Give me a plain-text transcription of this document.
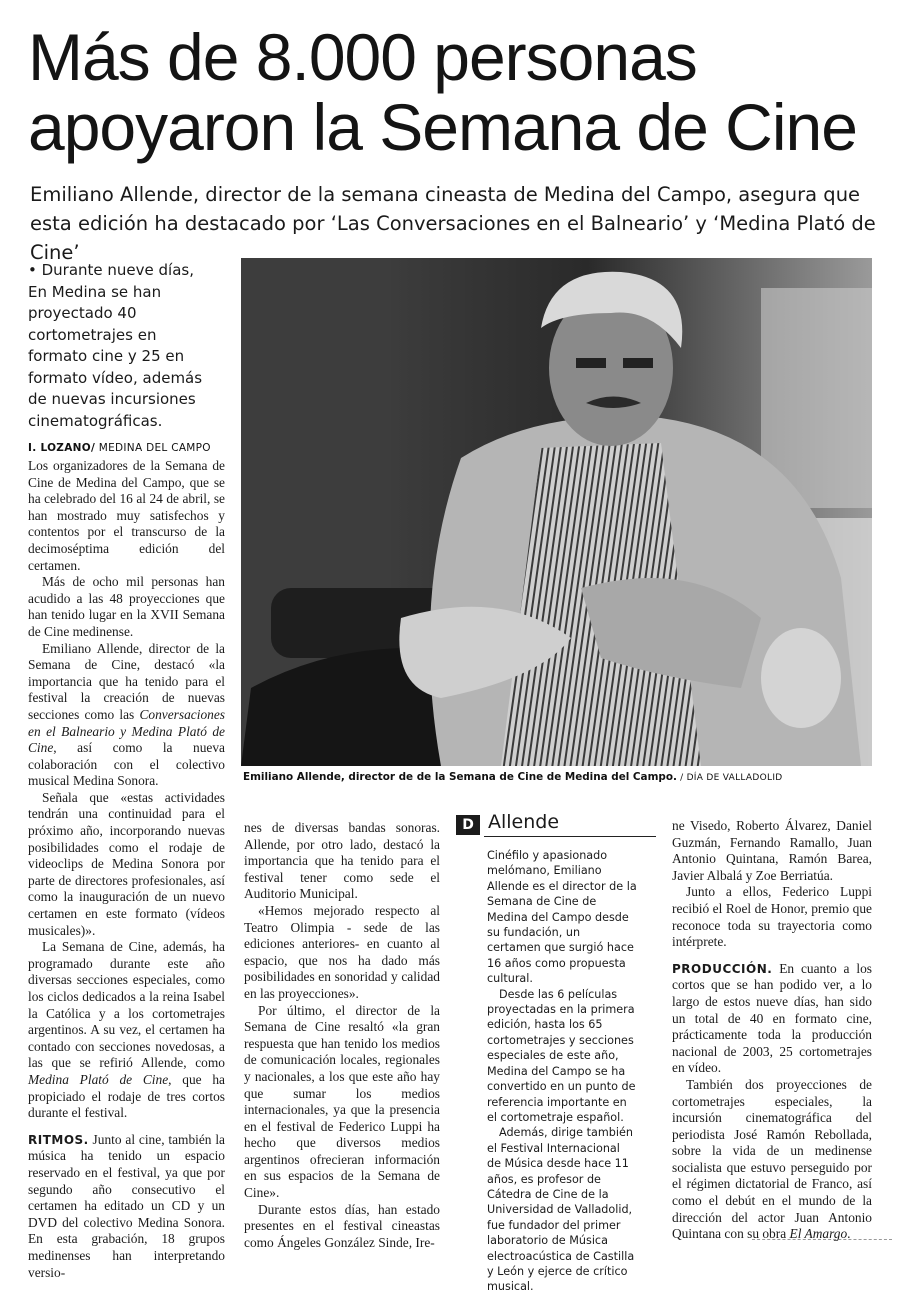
Más de 8.000 personas
apoyaron la Semana de Cine

Emiliano Allende, director de la semana cineasta de Medina del Campo, asegura que esta edición ha destacado por ‘Las Conversaciones en el Balneario’ y ‘Medina Plató de Cine’

• Durante nueve días, En Medina se han proyectado 40 cortometrajes en formato cine y 25 en formato vídeo, además de nuevas incursiones cinematográficas.
I. LOZANO/ MEDINA DEL CAMPO

Los organizadores de la Semana de Cine de Medina del Campo, que se ha celebrado del 16 al 24 de abril, se han mostrado muy satisfechos y contentos por el transcurso de la decimoséptima edición del certamen.

Más de ocho mil personas han acudido a las 48 proyecciones que han tenido lugar en la XVII Semana de Cine medinense.

Emiliano Allende, director de la Semana de Cine, destacó «la importancia que ha tenido para el festival la creación de nuevas secciones como las Conversaciones en el Balneario y Medina Plató de Cine, así como la nueva colaboración con el colectivo musical Medina Sonora.

Señala que «estas actividades tendrán una continuidad para el próximo año, incorporando nuevas posibilidades como el rodaje de videoclips de Medina Sonora por parte de directores profesionales, así como la inauguración de un nuevo certamen en este formato (vídeos musicales)».

La Semana de Cine, además, ha programado durante este año diversas secciones especiales, como los ciclos dedicados a la reina Isabel la Católica y a los cortometrajes argentinos. A su vez, el certamen ha contado con secciones novedosas, a las que se refirió Allende, como Medina Plató de Cine, que ha propiciado el rodaje de tres cortos durante el festival.

RITMOS. Junto al cine, también la música ha tenido un espacio reservado en el festival, ya que por segundo año consecutivo el certamen ha editado un CD y un DVD del colectivo Medina Sonora. En esta grabación, 18 grupos medinenses han interpretando versio-

Emiliano Allende, director de de la Semana de Cine de Medina del Campo. / DÍA DE VALLADOLID

nes de diversas bandas sonoras. Allende, por otro lado, destacó la importancia que ha tenido para el festival tener como sede el Auditorio Municipal.

«Hemos mejorado respecto al Teatro Olimpia - sede de las ediciones anteriores- en cuanto al espacio, que nos ha dado más posibilidades en sonoridad y calidad en las proyecciones».

Por último, el director de la Semana de Cine resaltó «la gran respuesta que han tenido los medios de comunicación locales, regionales y nacionales, a los que este año hay que sumar los medios internacionales, ya que la presencia en el festival de Federico Luppi ha hecho que diversos medios argentinos ofrecieran información en sus espacios de la Semana de Cine».

Durante estos días, han estado presentes en el festival cineastas como Ángeles González Sinde, Ire-

D Allende

Cinéfilo y apasionado melómano, Emiliano Allende es el director de la Semana de Cine de Medina del Campo desde su fundación, un certamen que surgió hace 16 años como propuesta cultural.

Desde las 6 películas proyectadas en la primera edición, hasta los 65 cortometrajes y secciones especiales de este año, Medina del Campo se ha convertido en un punto de referencia importante en el cortometraje español.

Además, dirige también el Festival Internacional de Música desde hace 11 años, es profesor de Cátedra de Cine de la Universidad de Valladolid, fue fundador del primer laboratorio de Música electroacústica de Castilla y León y ejerce de crítico musical.

ne Visedo, Roberto Álvarez, Daniel Guzmán, Fernando Ramallo, Juan Antonio Quintana, Ramón Barea, Javier Albalá y Zoe Berriatúa.

Junto a ellos, Federico Luppi recibió el Roel de Honor, premio que reconoce toda su trayectoria como intérprete.

PRODUCCIÓN. En cuanto a los cortos que se han podido ver, a lo largo de estos nueve días, han sido un total de 40 en formato cine, prácticamente toda la producción nacional de 2003, 25 cortometrajes en vídeo.

También dos proyecciones de cortometrajes especiales, la incursión cinematográfica del periodista José Ramón Rebollada, sobre la vida de un medinense socialista que estuvo perseguido por el régimen dictatorial de Franco, así como el debút en el mundo de la dirección del actor Juan Antonio Quintana con su obra El Amargo.
